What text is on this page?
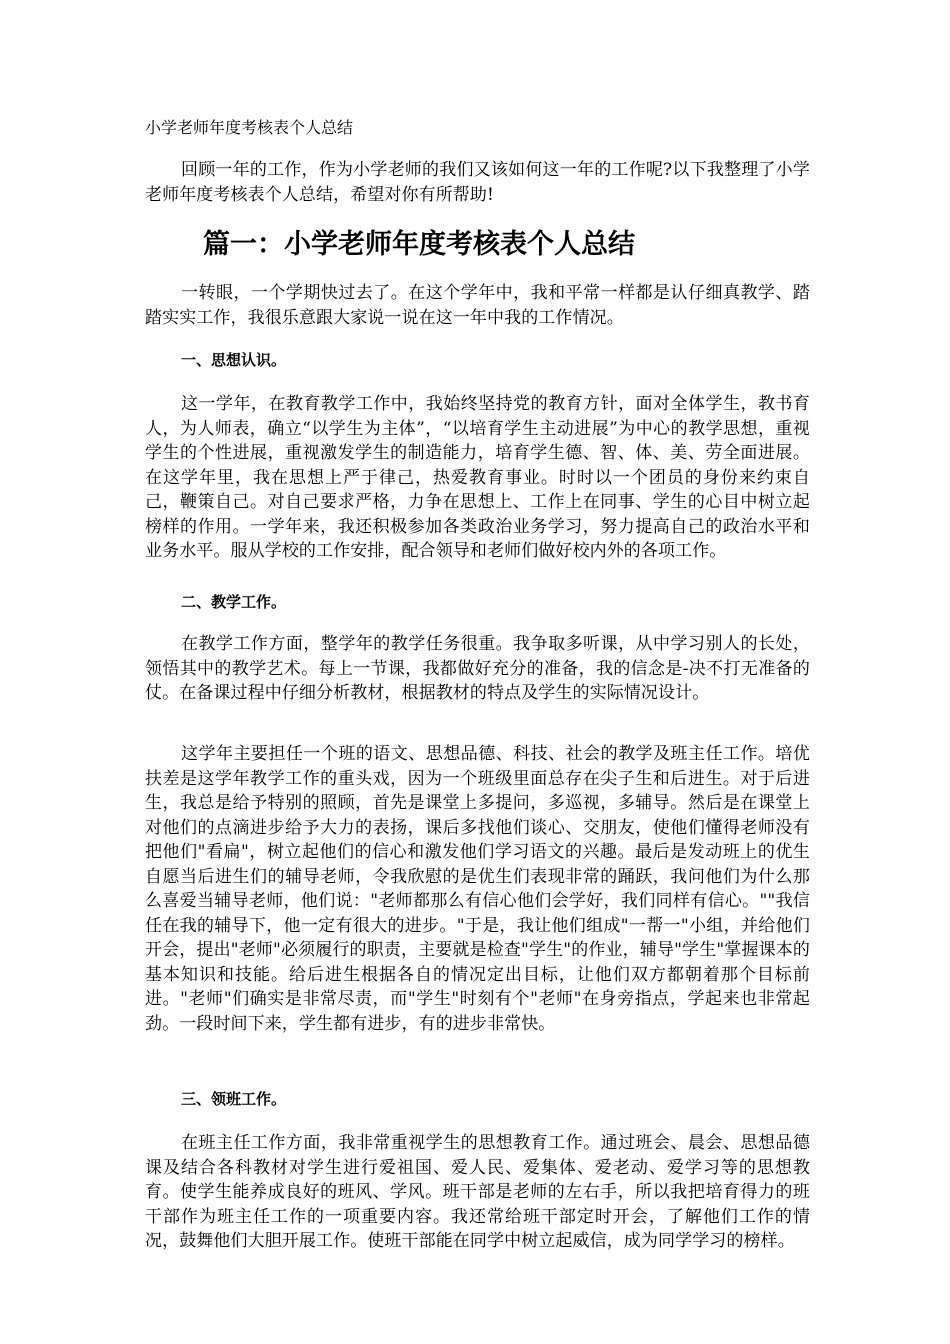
小学老师年度考核表个人总结

回顾一年的工作，作为小学老师的我们又该如何这一年的工作呢?以下我整理了小学老师年度考核表个人总结，希望对你有所帮助!

篇一：小学老师年度考核表个人总结

一转眼，一个学期快过去了。在这个学年中，我和平常一样都是认仔细真教学、踏踏实实工作，我很乐意跟大家说一说在这一年中我的工作情况。

一、思想认识。

这一学年，在教育教学工作中，我始终坚持党的教育方针，面对全体学生，教书育人，为人师表，确立“以学生为主体”，“以培育学生主动进展”为中心的教学思想，重视学生的个性进展，重视激发学生的制造能力，培育学生德、智、体、美、劳全面进展。在这学年里，我在思想上严于律己，热爱教育事业。时时以一个团员的身份来约束自己，鞭策自己。对自己要求严格，力争在思想上、工作上在同事、学生的心目中树立起榜样的作用。一学年来，我还积极参加各类政治业务学习，努力提高自己的政治水平和业务水平。服从学校的工作安排，配合领导和老师们做好校内外的各项工作。

二、教学工作。

在教学工作方面，整学年的教学任务很重。我争取多听课，从中学习别人的长处，领悟其中的教学艺术。每上一节课，我都做好充分的准备，我的信念是-决不打无准备的仗。在备课过程中仔细分析教材，根据教材的特点及学生的实际情况设计。

这学年主要担任一个班的语文、思想品德、科技、社会的教学及班主任工作。培优扶差是这学年教学工作的重头戏，因为一个班级里面总存在尖子生和后进生。对于后进生，我总是给予特别的照顾，首先是课堂上多提问，多巡视，多辅导。然后是在课堂上对他们的点滴进步给予大力的表扬，课后多找他们谈心、交朋友，使他们懂得老师没有把他们"看扁"，树立起他们的信心和激发他们学习语文的兴趣。最后是发动班上的优生自愿当后进生们的辅导老师，令我欣慰的是优生们表现非常的踊跃，我问他们为什么那么喜爱当辅导老师，他们说："老师都那么有信心他们会学好，我们同样有信心。""我信任在我的辅导下，他一定有很大的进步。"于是，我让他们组成"一帮一"小组，并给他们开会，提出"老师"必须履行的职责，主要就是检查"学生"的作业，辅导"学生"掌握课本的基本知识和技能。给后进生根据各自的情况定出目标，让他们双方都朝着那个目标前进。"老师"们确实是非常尽责，而"学生"时刻有个"老师"在身旁指点，学起来也非常起劲。一段时间下来，学生都有进步，有的进步非常快。

三、领班工作。

在班主任工作方面，我非常重视学生的思想教育工作。通过班会、晨会、思想品德课及结合各科教材对学生进行爱祖国、爱人民、爱集体、爱老动、爱学习等的思想教育。使学生能养成良好的班风、学风。班干部是老师的左右手，所以我把培育得力的班干部作为班主任工作的一项重要内容。我还常给班干部定时开会，了解他们工作的情况，鼓舞他们大胆开展工作。使班干部能在同学中树立起威信，成为同学学习的榜样。
